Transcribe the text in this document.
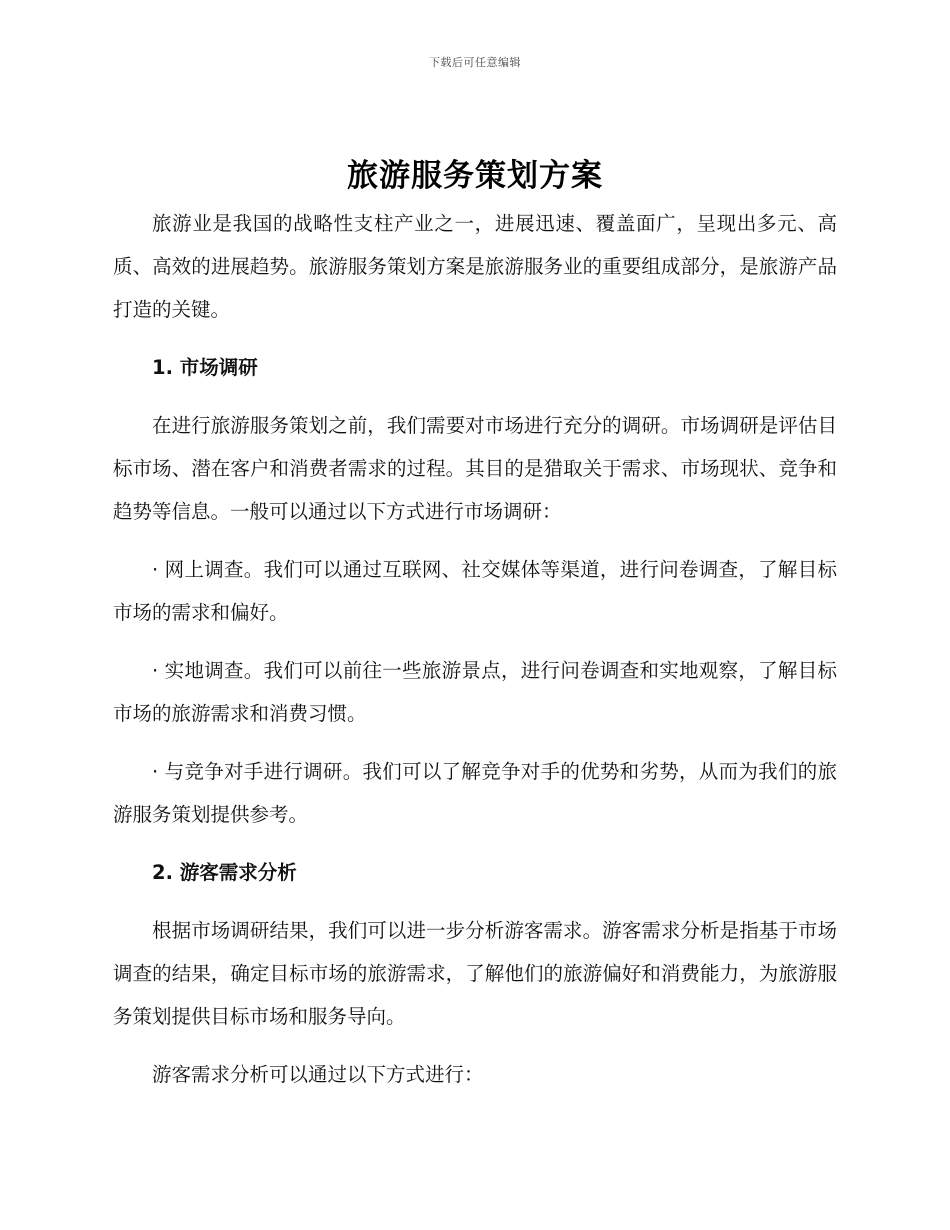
下载后可任意编辑
旅游服务策划方案

旅游业是我国的战略性支柱产业之一，进展迅速、覆盖面广，呈现出多元、高质、高效的进展趋势。旅游服务策划方案是旅游服务业的重要组成部分，是旅游产品打造的关键。

1. 市场调研

在进行旅游服务策划之前，我们需要对市场进行充分的调研。市场调研是评估目标市场、潜在客户和消费者需求的过程。其目的是猎取关于需求、市场现状、竞争和趋势等信息。一般可以通过以下方式进行市场调研：

· 网上调查。我们可以通过互联网、社交媒体等渠道，进行问卷调查，了解目标市场的需求和偏好。

· 实地调查。我们可以前往一些旅游景点，进行问卷调查和实地观察，了解目标市场的旅游需求和消费习惯。

· 与竞争对手进行调研。我们可以了解竞争对手的优势和劣势，从而为我们的旅游服务策划提供参考。

2. 游客需求分析

根据市场调研结果，我们可以进一步分析游客需求。游客需求分析是指基于市场调查的结果，确定目标市场的旅游需求，了解他们的旅游偏好和消费能力，为旅游服务策划提供目标市场和服务导向。

游客需求分析可以通过以下方式进行：
